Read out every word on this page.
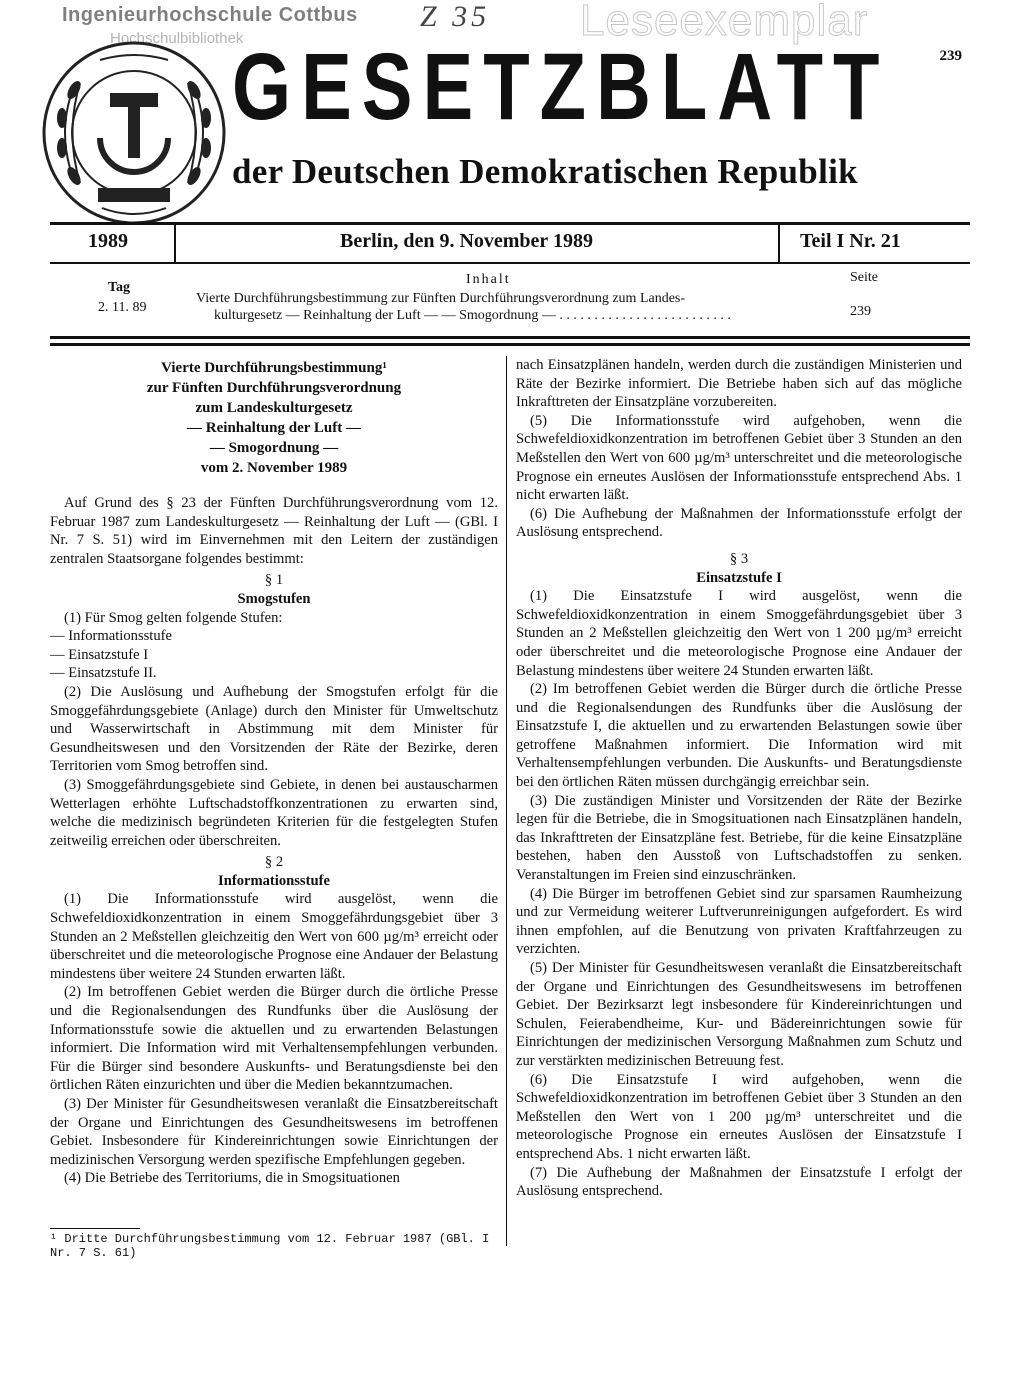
Ingenieurhochschule Cottbus
Hochschulbibliothek
Z 35 Leseexemplar
239
GESETZBLATT
der Deutschen Demokratischen Republik
1989	Berlin, den 9. November 1989	Teil I Nr. 21
Tag
Inhalt	Seite
2. 11. 89
Vierte Durchführungsbestimmung zur Fünften Durchführungsverordnung zum Landes-
kulturgesetz — Reinhaltung der Luft — — Smogordnung — . . . . . . . . . . . . . . . . . . . . . . . . .	239
Vierte Durchführungsbestimmung¹
zur Fünften Durchführungsverordnung
zum Landeskulturgesetz
— Reinhaltung der Luft —
— Smogordnung —
vom 2. November 1989

Auf Grund des § 23 der Fünften Durchführungsverordnung vom 12. Februar 1987 zum Landeskulturgesetz — Reinhaltung der Luft — (GBl. I Nr. 7 S. 51) wird im Einvernehmen mit den Leitern der zuständigen zentralen Staatsorgane folgendes bestimmt:

§ 1

Smogstufen

(1) Für Smog gelten folgende Stufen:

— Informationsstufe

— Einsatzstufe I

— Einsatzstufe II.

(2) Die Auslösung und Aufhebung der Smogstufen erfolgt für die Smoggefährdungsgebiete (Anlage) durch den Minister für Umweltschutz und Wasserwirtschaft in Abstimmung mit dem Minister für Gesundheitswesen und den Vorsitzenden der Räte der Bezirke, deren Territorien vom Smog betroffen sind.

(3) Smoggefährdungsgebiete sind Gebiete, in denen bei austauscharmen Wetterlagen erhöhte Luftschadstoffkonzentrationen zu erwarten sind, welche die medizinisch begründeten Kriterien für die festgelegten Stufen zeitweilig erreichen oder überschreiten.

§ 2

Informationsstufe

(1) Die Informationsstufe wird ausgelöst, wenn die Schwefeldioxidkonzentration in einem Smoggefährdungsgebiet über 3 Stunden an 2 Meßstellen gleichzeitig den Wert von 600 µg/m³ erreicht oder überschreitet und die meteorologische Prognose eine Andauer der Belastung mindestens über weitere 24 Stunden erwarten läßt.

(2) Im betroffenen Gebiet werden die Bürger durch die örtliche Presse und die Regionalsendungen des Rundfunks über die Auslösung der Informationsstufe sowie die aktuellen und zu erwartenden Belastungen informiert. Die Information wird mit Verhaltensempfehlungen verbunden. Für die Bürger sind besondere Auskunfts- und Beratungsdienste bei den örtlichen Räten einzurichten und über die Medien bekanntzumachen.

(3) Der Minister für Gesundheitswesen veranlaßt die Einsatzbereitschaft der Organe und Einrichtungen des Gesundheitswesens im betroffenen Gebiet. Insbesondere für Kindereinrichtungen sowie Einrichtungen der medizinischen Versorgung werden spezifische Empfehlungen gegeben.

(4) Die Betriebe des Territoriums, die in Smogsituationen

¹ Dritte Durchführungsbestimmung vom 12. Februar 1987 (GBl. I Nr. 7 S. 61)

nach Einsatzplänen handeln, werden durch die zuständigen Ministerien und Räte der Bezirke informiert. Die Betriebe haben sich auf das mögliche Inkrafttreten der Einsatzpläne vorzubereiten.

(5) Die Informationsstufe wird aufgehoben, wenn die Schwefeldioxidkonzentration im betroffenen Gebiet über 3 Stunden an den Meßstellen den Wert von 600 µg/m³ unterschreitet und die meteorologische Prognose ein erneutes Auslösen der Informationsstufe entsprechend Abs. 1 nicht erwarten läßt.

(6) Die Aufhebung der Maßnahmen der Informationsstufe erfolgt der Auslösung entsprechend.

§ 3

Einsatzstufe I

(1) Die Einsatzstufe I wird ausgelöst, wenn die Schwefeldioxidkonzentration in einem Smoggefährdungsgebiet über 3 Stunden an 2 Meßstellen gleichzeitig den Wert von 1 200 µg/m³ erreicht oder überschreitet und die meteorologische Prognose eine Andauer der Belastung mindestens über weitere 24 Stunden erwarten läßt.

(2) Im betroffenen Gebiet werden die Bürger durch die örtliche Presse und die Regionalsendungen des Rundfunks über die Auslösung der Einsatzstufe I, die aktuellen und zu erwartenden Belastungen sowie über getroffene Maßnahmen informiert. Die Information wird mit Verhaltensempfehlungen verbunden. Die Auskunfts- und Beratungsdienste bei den örtlichen Räten müssen durchgängig erreichbar sein.

(3) Die zuständigen Minister und Vorsitzenden der Räte der Bezirke legen für die Betriebe, die in Smogsituationen nach Einsatzplänen handeln, das Inkrafttreten der Einsatzpläne fest. Betriebe, für die keine Einsatzpläne bestehen, haben den Ausstoß von Luftschadstoffen zu senken. Veranstaltungen im Freien sind einzuschränken.

(4) Die Bürger im betroffenen Gebiet sind zur sparsamen Raumheizung und zur Vermeidung weiterer Luftverunreinigungen aufgefordert. Es wird ihnen empfohlen, auf die Benutzung von privaten Kraftfahrzeugen zu verzichten.

(5) Der Minister für Gesundheitswesen veranlaßt die Einsatzbereitschaft der Organe und Einrichtungen des Gesundheitswesens im betroffenen Gebiet. Der Bezirksarzt legt insbesondere für Kindereinrichtungen und Schulen, Feierabendheime, Kur- und Bädereinrichtungen sowie für Einrichtungen der medizinischen Versorgung Maßnahmen zum Schutz und zur verstärkten medizinischen Betreuung fest.

(6) Die Einsatzstufe I wird aufgehoben, wenn die Schwefeldioxidkonzentration im betroffenen Gebiet über 3 Stunden an den Meßstellen den Wert von 1 200 µg/m³ unterschreitet und die meteorologische Prognose ein erneutes Auslösen der Einsatzstufe I entsprechend Abs. 1 nicht erwarten läßt.

(7) Die Aufhebung der Maßnahmen der Einsatzstufe I erfolgt der Auslösung entsprechend.
